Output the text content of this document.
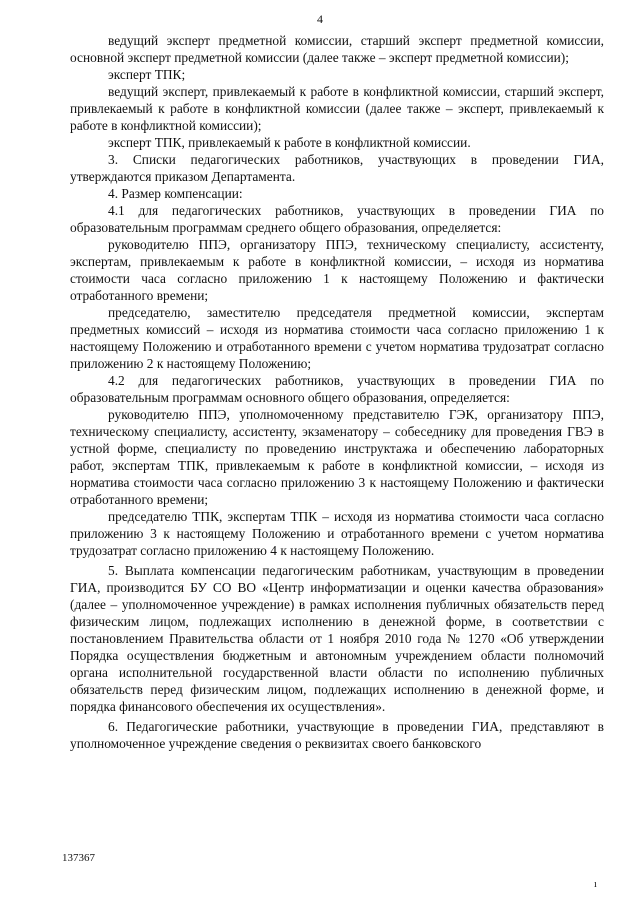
4

ведущий эксперт предметной комиссии, старший эксперт предметной комиссии, основной эксперт предметной комиссии (далее также – эксперт предметной комиссии);

эксперт ТПК;

ведущий эксперт, привлекаемый к работе в конфликтной комиссии, старший эксперт, привлекаемый к работе в конфликтной комиссии (далее также – эксперт, привлекаемый к работе в конфликтной комиссии);

эксперт ТПК, привлекаемый к работе в конфликтной комиссии.

3. Списки педагогических работников, участвующих в проведении ГИА, утверждаются приказом Департамента.

4. Размер компенсации:

4.1 для педагогических работников, участвующих в проведении ГИА по образовательным программам среднего общего образования, определяется:

руководителю ППЭ, организатору ППЭ, техническому специалисту, ассистенту, экспертам, привлекаемым к работе в конфликтной комиссии, – исходя из норматива стоимости часа согласно приложению 1 к настоящему Положению и фактически отработанного времени;

председателю, заместителю председателя предметной комиссии, экспертам предметных комиссий – исходя из норматива стоимости часа согласно приложению 1 к настоящему Положению и отработанного времени с учетом норматива трудозатрат согласно приложению 2 к настоящему Положению;

4.2 для педагогических работников, участвующих в проведении ГИА по образовательным программам основного общего образования, определяется:

руководителю ППЭ, уполномоченному представителю ГЭК, организатору ППЭ, техническому специалисту, ассистенту, экзаменатору – собеседнику для проведения ГВЭ в устной форме, специалисту по проведению инструктажа и обеспечению лабораторных работ, экспертам ТПК, привлекаемым к работе в конфликтной комиссии, – исходя из норматива стоимости часа согласно приложению 3 к настоящему Положению и фактически отработанного времени;

председателю ТПК, экспертам ТПК – исходя из норматива стоимости часа согласно приложению 3 к настоящему Положению и отработанного времени с учетом норматива трудозатрат согласно приложению 4 к настоящему Положению.

5. Выплата компенсации педагогическим работникам, участвующим в проведении ГИА, производится БУ СО ВО «Центр информатизации и оценки качества образования» (далее – уполномоченное учреждение) в рамках исполнения публичных обязательств перед физическим лицом, подлежащих исполнению в денежной форме, в соответствии с постановлением Правительства области от 1 ноября 2010 года № 1270 «Об утверждении Порядка осуществления бюджетным и автономным учреждением области полномочий органа исполнительной государственной власти области по исполнению публичных обязательств перед физическим лицом, подлежащих исполнению в денежной форме, и порядка финансового обеспечения их осуществления».

6. Педагогические работники, участвующие в проведении ГИА, представляют в уполномоченное учреждение сведения о реквизитах своего банковского

137367
ı
